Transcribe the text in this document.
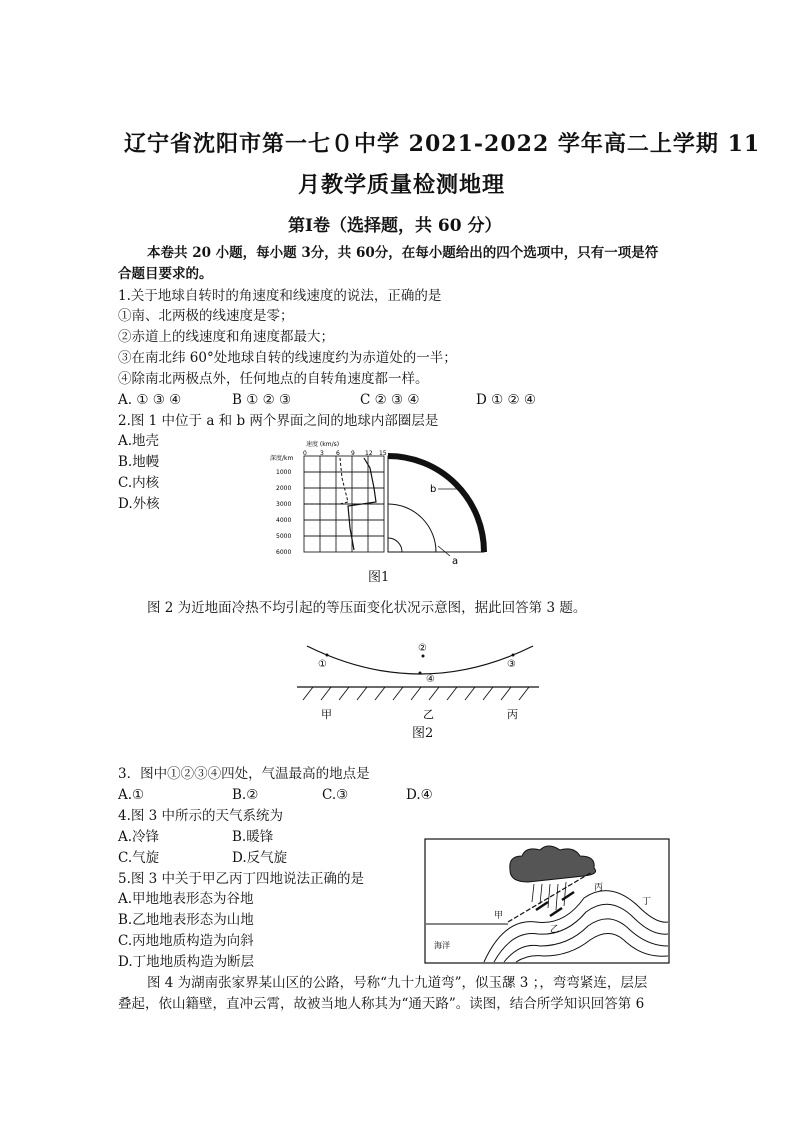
辽宁省沈阳市第一七０中学 2021-2022 学年高二上学期 11
月教学质量检测地理
第Ⅰ卷（选择题，共 60 分）
本卷共 20 小题，每小题 3分，共 60分，在每小题给出的四个选项中，只有一项是符
合题目要求的。
1.关于地球自转时的角速度和线速度的说法，正确的是
①南、北两极的线速度是零；
②赤道上的线速度和角速度都最大；
③在南北纬 60°处地球自转的线速度约为赤道处的一半；
④除南北两极点外，任何地点的自转角速度都一样。
A. ① ③ ④	B ① ② ③	C ② ③ ④	D ① ② ④
2.图 1 中位于 a 和 b 两个界面之间的地球内部圈层是
A.地壳
B.地幔
C.内核
D.外核
速度 (km/s)
深度/km
0 3 6 9 12 15
1000
2000
3000
4000
5000
6000
b
a
图1
图 2 为近地面冷热不均引起的等压面变化状况示意图，据此回答第 3 题。
①
②
③
④
甲	乙	丙
图2
3．图中①②③④四处，气温最高的地点是
A.①	B.②	C.③	D.④
4.图 3 中所示的天气系统为
A.冷锋	B.暖锋
C.气旋	D.反气旋
5.图 3 中关于甲乙丙丁四地说法正确的是
A.甲地地表形态为谷地
B.乙地地表形态为山地
C.丙地地质构造为向斜
D.丁地地质构造为断层
海洋
甲
乙
丙
丁
图 4 为湖南张家界某山区的公路，号称“九十九道弯”，似玉𦧲 3 ；，弯弯紧连，层层
叠起，依山籍壁，直冲云霄，故被当地人称其为“通天路”。读图，结合所学知识回答第 6
